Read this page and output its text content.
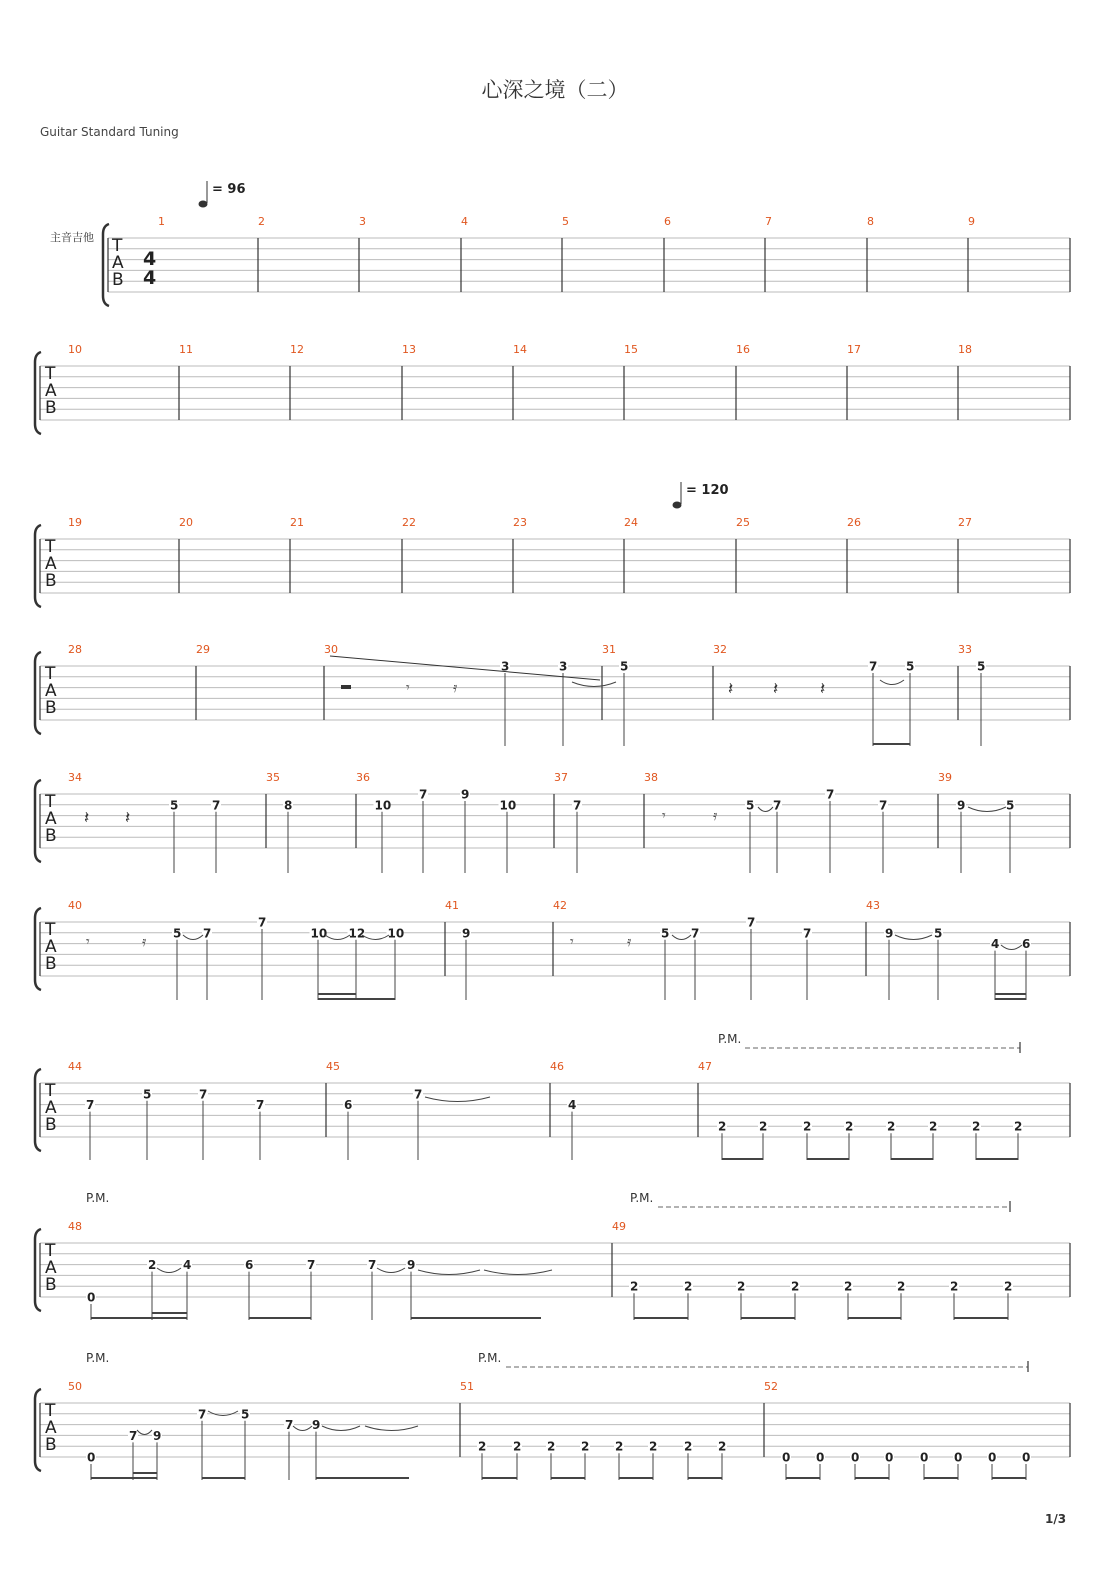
心深之境（二）
Guitar Standard Tuning
1/3
T
A
B
1	2	3	4	5	6	7	8	9
T
A
B
10	11	12	13	14	15	16	17	18
T
A
B
19	20	21	22	23	24	25	26	27
T
A
B
28	29	30	31	32	33
3	3	5	7 5	5
T
A
B
34	35	36	37	38	39
5	7	8	10
7	9
10	7	5 7
7
7	9	5
T
A
B
40	41	42	43
5 7
7
10 12 10	9	5 7
7
7	9	5
4 6
T
A
B
44	45	46	47
7
5	7
7	6
7
4
2	2	2	2	2	2	2	2
T
A
B
48	49
0
2 4	6	7	7	9
2	2	2	2	2	2	2	2
T
A
B
50	51	52
0
7 9
7	5
7 9
2 2 2 2 2 2 2 2
0 0 0 0 0 0 0 0
P.M.
P.M.	P.M.
P.M.	P.M.
= 96
= 120
主音吉他
4
4
𝄾	𝄿	𝄽 𝄽 𝄽
𝄽 𝄽	𝄾	𝄿
𝄾	𝄿	𝄾	𝄿
